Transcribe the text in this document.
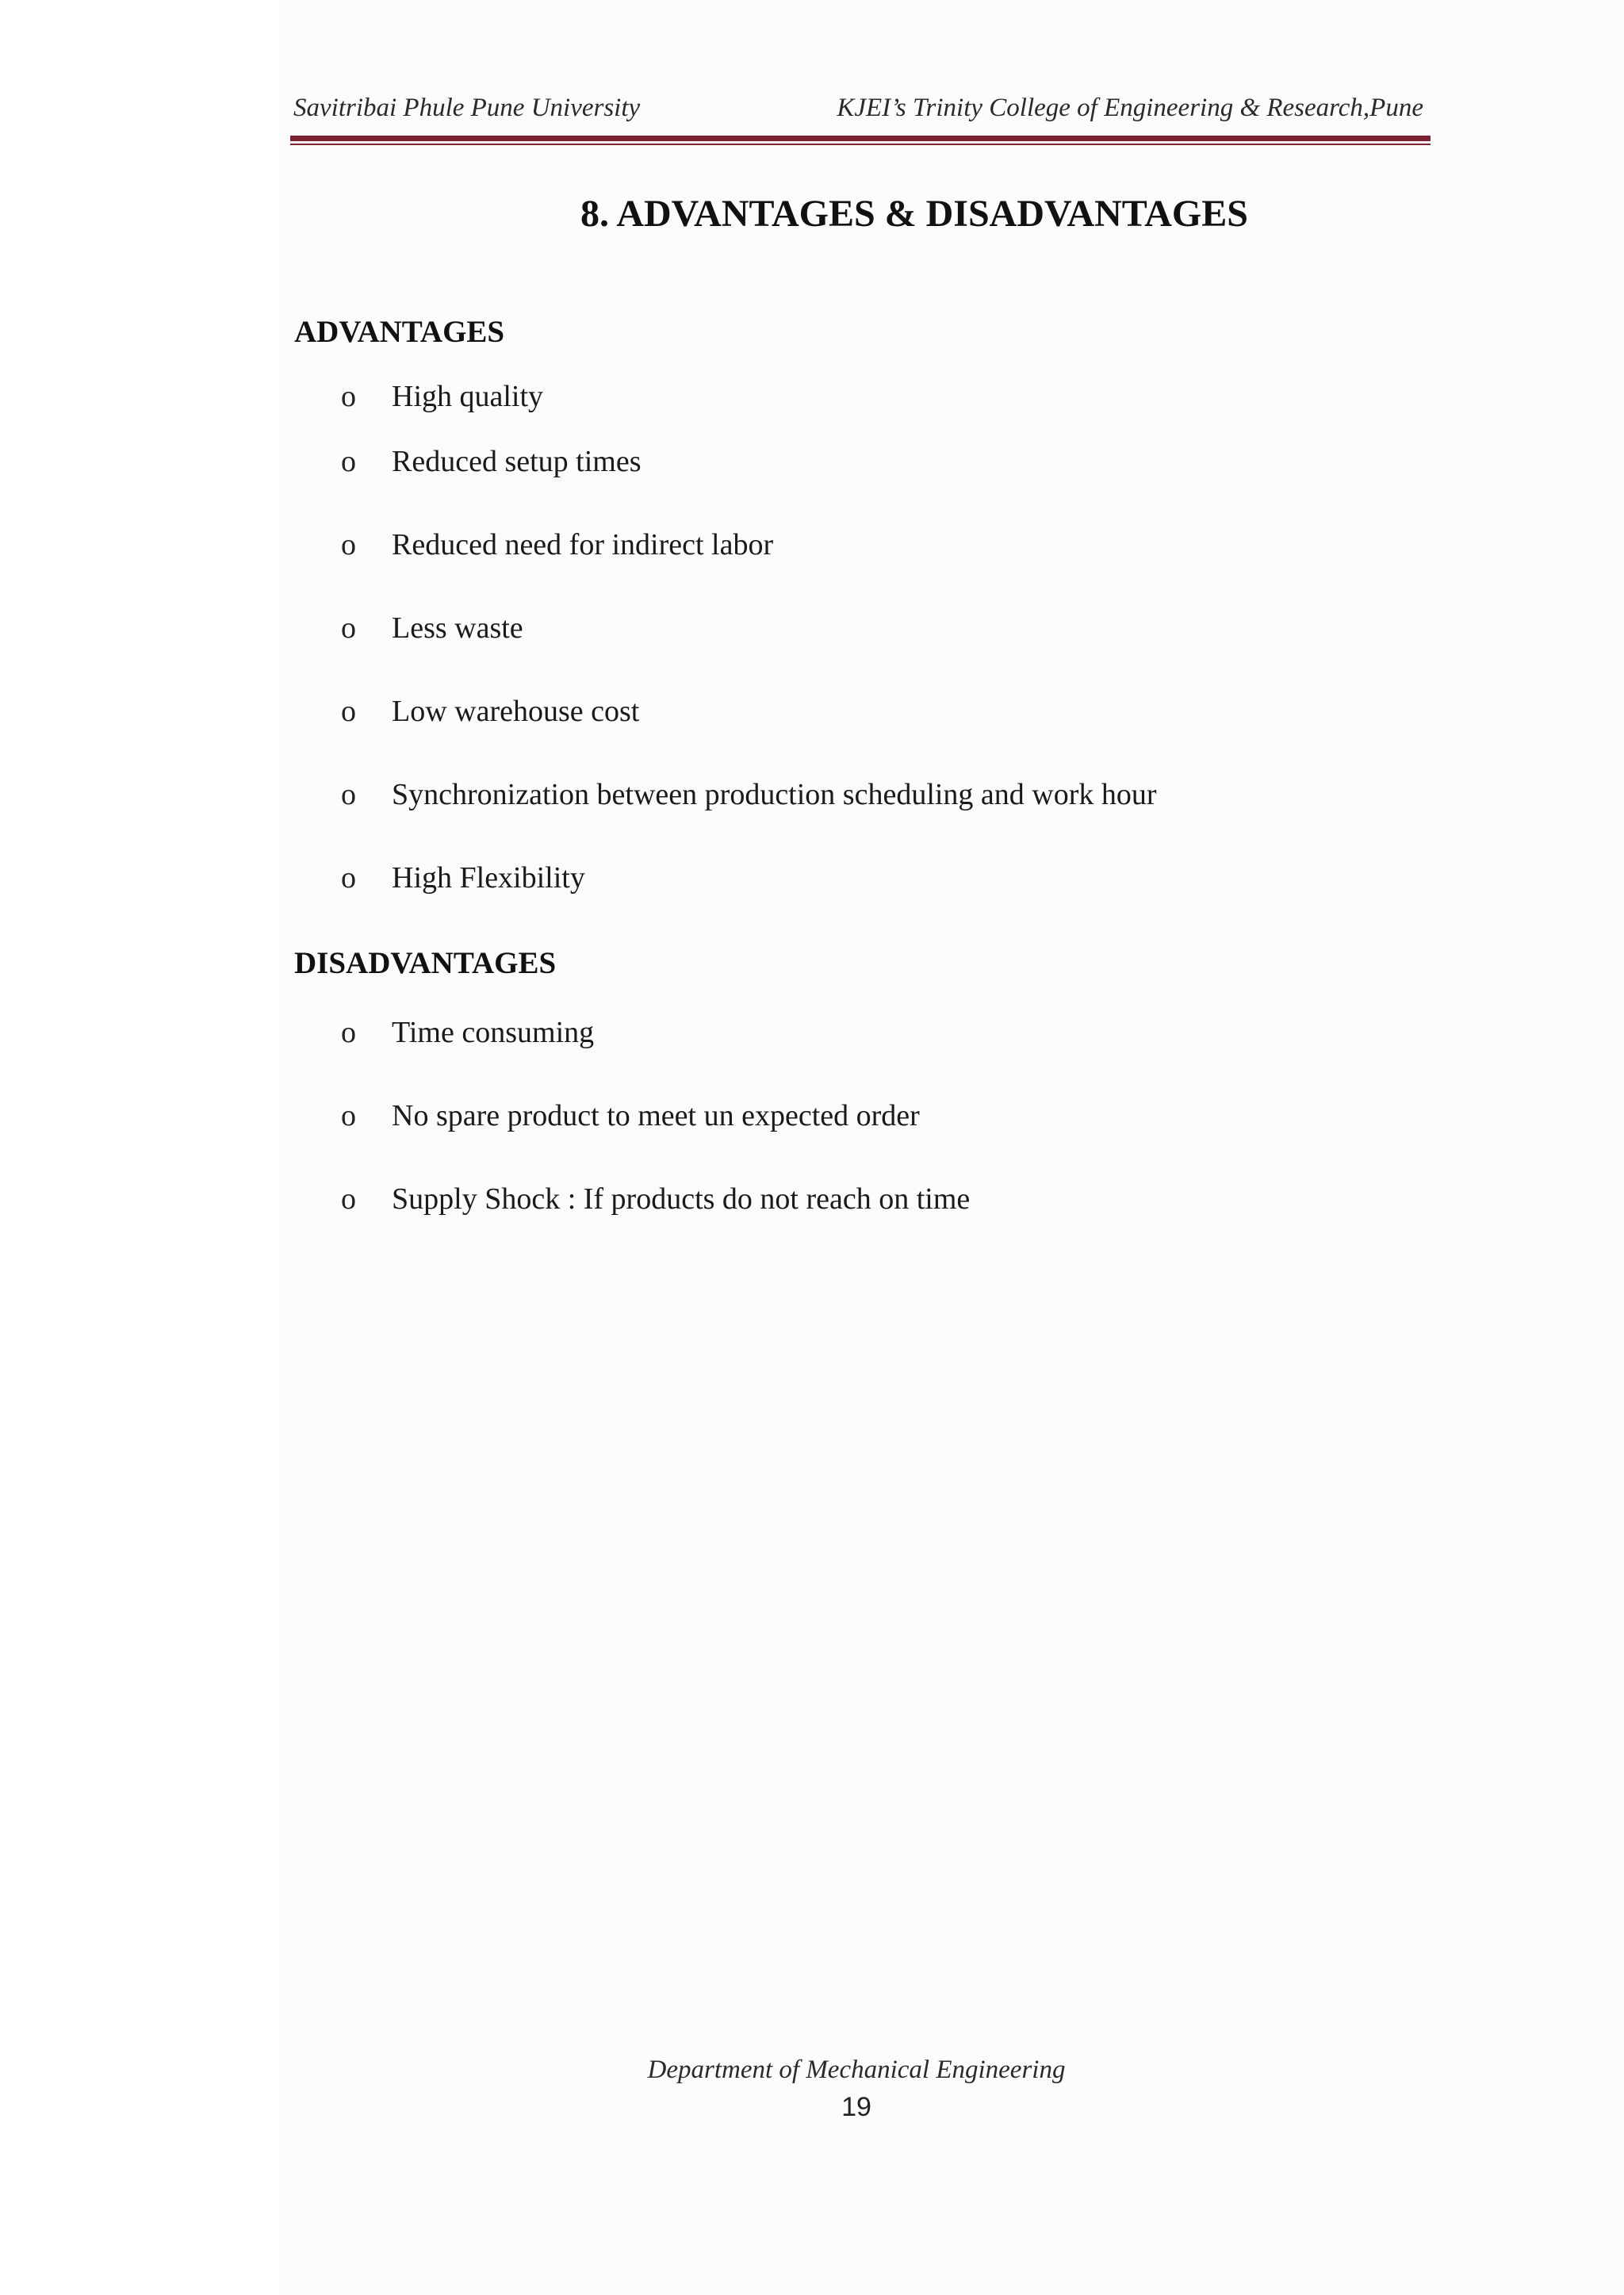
Savitribai Phule Pune University	KJEI’s Trinity College of Engineering & Research,Pune
8. ADVANTAGES & DISADVANTAGES
ADVANTAGES
o High quality
o Reduced setup times
o Reduced need for indirect labor
o Less waste
o Low warehouse cost
o Synchronization between production scheduling and work hour
o High Flexibility
DISADVANTAGES
o Time consuming
o No spare product to meet un expected order
o Supply Shock : If products do not reach on time
Department of Mechanical Engineering
19
